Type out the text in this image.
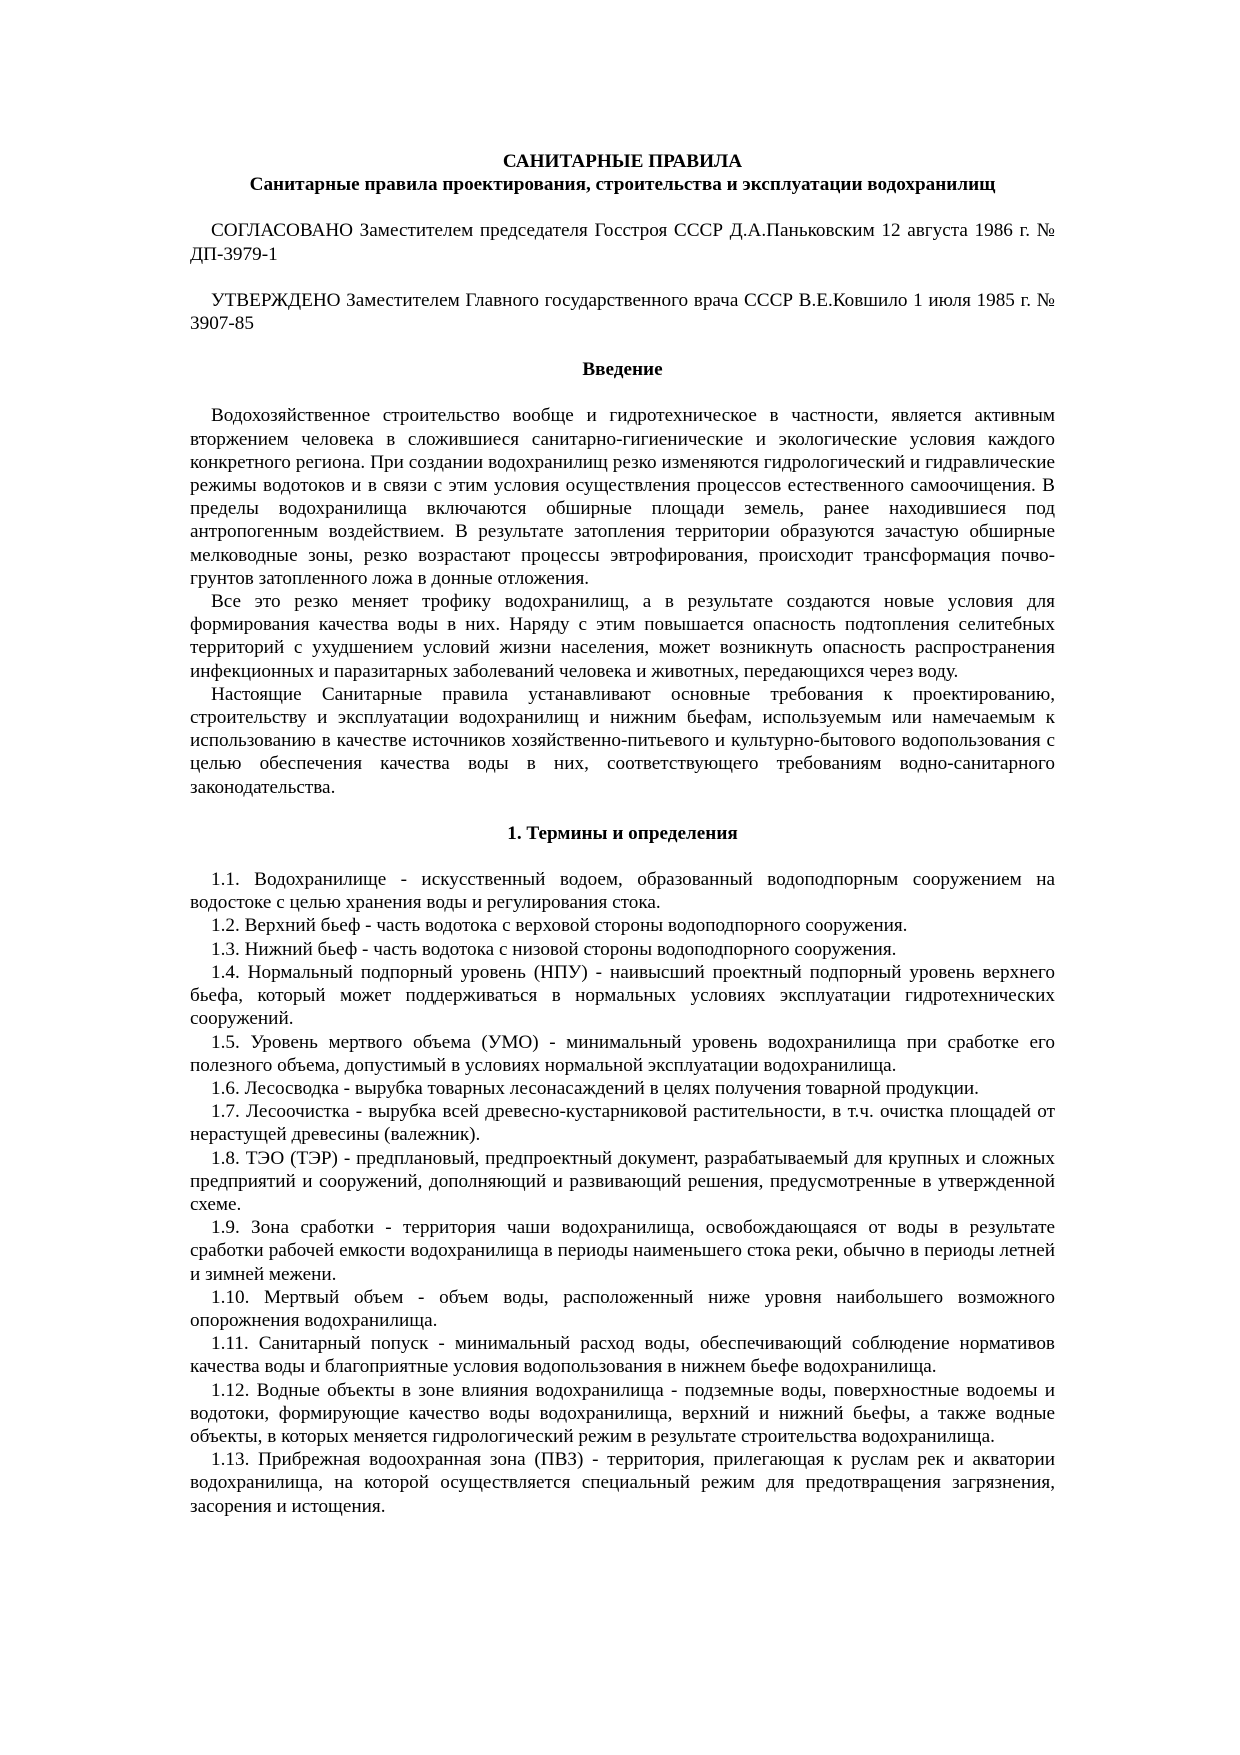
САНИТАРНЫЕ ПРАВИЛА

Санитарные правила проектирования, строительства и эксплуатации водохранилищ

СОГЛАСОВАНО Заместителем председателя Госстроя СССР Д.А.Паньковским 12 августа 1986 г. № ДП-3979-1

УТВЕРЖДЕНО Заместителем Главного государственного врача СССР В.Е.Ковшило 1 июля 1985 г. № 3907-85

Введение

Водохозяйственное строительство вообще и гидротехническое в частности, является активным вторжением человека в сложившиеся санитарно-гигиенические и экологические условия каждого конкретного региона. При создании водохранилищ резко изменяются гидрологический и гидравлические режимы водотоков и в связи с этим условия осуществления процессов естественного самоочищения. В пределы водохранилища включаются обширные площади земель, ранее находившиеся под антропогенным воздействием. В результате затопления территории образуются зачастую обширные мелководные зоны, резко возрастают процессы эвтрофирования, происходит трансформация почво-грунтов затопленного ложа в донные отложения.

Все это резко меняет трофику водохранилищ, а в результате создаются новые условия для формирования качества воды в них. Наряду с этим повышается опасность подтопления селитебных территорий с ухудшением условий жизни населения, может возникнуть опасность распространения инфекционных и паразитарных заболеваний человека и животных, передающихся через воду.

Настоящие Санитарные правила устанавливают основные требования к проектированию, строительству и эксплуатации водохранилищ и нижним бьефам, используемым или намечаемым к использованию в качестве источников хозяйственно-питьевого и культурно-бытового водопользования с целью обеспечения качества воды в них, соответствующего требованиям водно-санитарного законодательства.

1. Термины и определения

1.1. Водохранилище - искусственный водоем, образованный водоподпорным сооружением на водостоке с целью хранения воды и регулирования стока.

1.2. Верхний бьеф - часть водотока с верховой стороны водоподпорного сооружения.

1.3. Нижний бьеф - часть водотока с низовой стороны водоподпорного сооружения.

1.4. Нормальный подпорный уровень (НПУ) - наивысший проектный подпорный уровень верхнего бьефа, который может поддерживаться в нормальных условиях эксплуатации гидротехнических сооружений.

1.5. Уровень мертвого объема (УМО) - минимальный уровень водохранилища при сработке его полезного объема, допустимый в условиях нормальной эксплуатации водохранилища.

1.6. Лесосводка - вырубка товарных лесонасаждений в целях получения товарной продукции.

1.7. Лесоочистка - вырубка всей древесно-кустарниковой растительности, в т.ч. очистка площадей от нерастущей древесины (валежник).

1.8. ТЭО (ТЭР) - предплановый, предпроектный документ, разрабатываемый для крупных и сложных предприятий и сооружений, дополняющий и развивающий решения, предусмотренные в утвержденной схеме.

1.9. Зона сработки - территория чаши водохранилища, освобождающаяся от воды в результате сработки рабочей емкости водохранилища в периоды наименьшего стока реки, обычно в периоды летней и зимней межени.

1.10. Мертвый объем - объем воды, расположенный ниже уровня наибольшего возможного опорожнения водохранилища.

1.11. Санитарный попуск - минимальный расход воды, обеспечивающий соблюдение нормативов качества воды и благоприятные условия водопользования в нижнем бьефе водохранилища.

1.12. Водные объекты в зоне влияния водохранилища - подземные воды, поверхностные водоемы и водотоки, формирующие качество воды водохранилища, верхний и нижний бьефы, а также водные объекты, в которых меняется гидрологический режим в результате строительства водохранилища.

1.13. Прибрежная водоохранная зона (ПВЗ) - территория, прилегающая к руслам рек и акватории водохранилища, на которой осуществляется специальный режим для предотвращения загрязнения, засорения и истощения.
